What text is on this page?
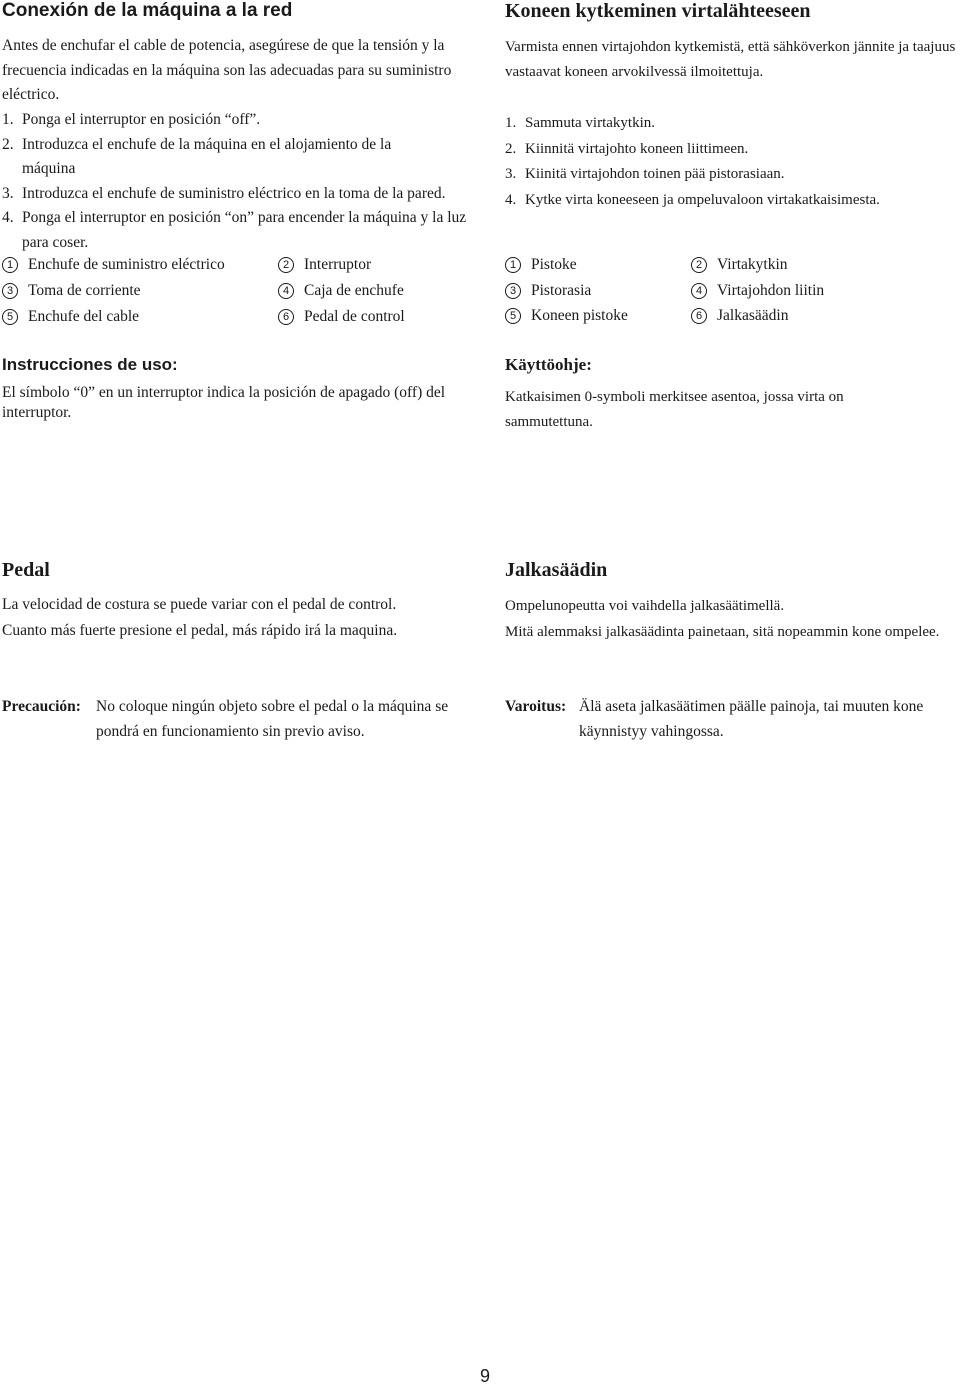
Conexión de la máquina a la red

Antes de enchufar el cable de potencia, asegúrese de que la tensión y la frecuencia indicadas en la máquina son las adecuadas para su suministro eléctrico.

1. Ponga el interruptor en posición “off”.
2. Introduzca el enchufe de la máquina en el alojamiento de la máquina
3. Introduzca el enchufe de suministro eléctrico en la toma de la pared.
4. Ponga el interruptor en posición “on” para encender la máquina y la luz para coser.
1 Enchufe de suministro eléctrico	2 Interruptor
3 Toma de corriente	4 Caja de enchufe
5 Enchufe del cable	6 Pedal de control
Instrucciones de uso:

El símbolo “0” en un interruptor indica la posición de apagado (off) del interruptor.

Pedal

La velocidad de costura se puede variar con el pedal de control.

Cuanto más fuerte presione el pedal, más rápido irá la maquina.

Precaución: No coloque ningún objeto sobre el pedal o la máquina se pondrá en funcionamiento sin previo aviso.
Koneen kytkeminen virtalähteeseen

Varmista ennen virtajohdon kytkemistä, että sähköverkon jännite ja taajuus vastaavat koneen arvokilvessä ilmoitettuja.

1. Sammuta virtakytkin.
2. Kiinnitä virtajohto koneen liittimeen.
3. Kiinitä virtajohdon toinen pää pistorasiaan.
4. Kytke virta koneeseen ja ompeluvaloon virtakatkaisimesta.
1 Pistoke	2 Virtakytkin
3 Pistorasia	4 Virtajohdon liitin
5 Koneen pistoke	6 Jalkasäädin
Käyttöohje:

Katkaisimen 0-symboli merkitsee asentoa, jossa virta on sammutettuna.

Jalkasäädin

Ompelunopeutta voi vaihdella jalkasäätimellä.

Mitä alemmaksi jalkasäädinta painetaan, sitä nopeammin kone ompelee.

Varoitus: Älä aseta jalkasäätimen päälle painoja, tai muuten kone käynnistyy vahingossa.
9
